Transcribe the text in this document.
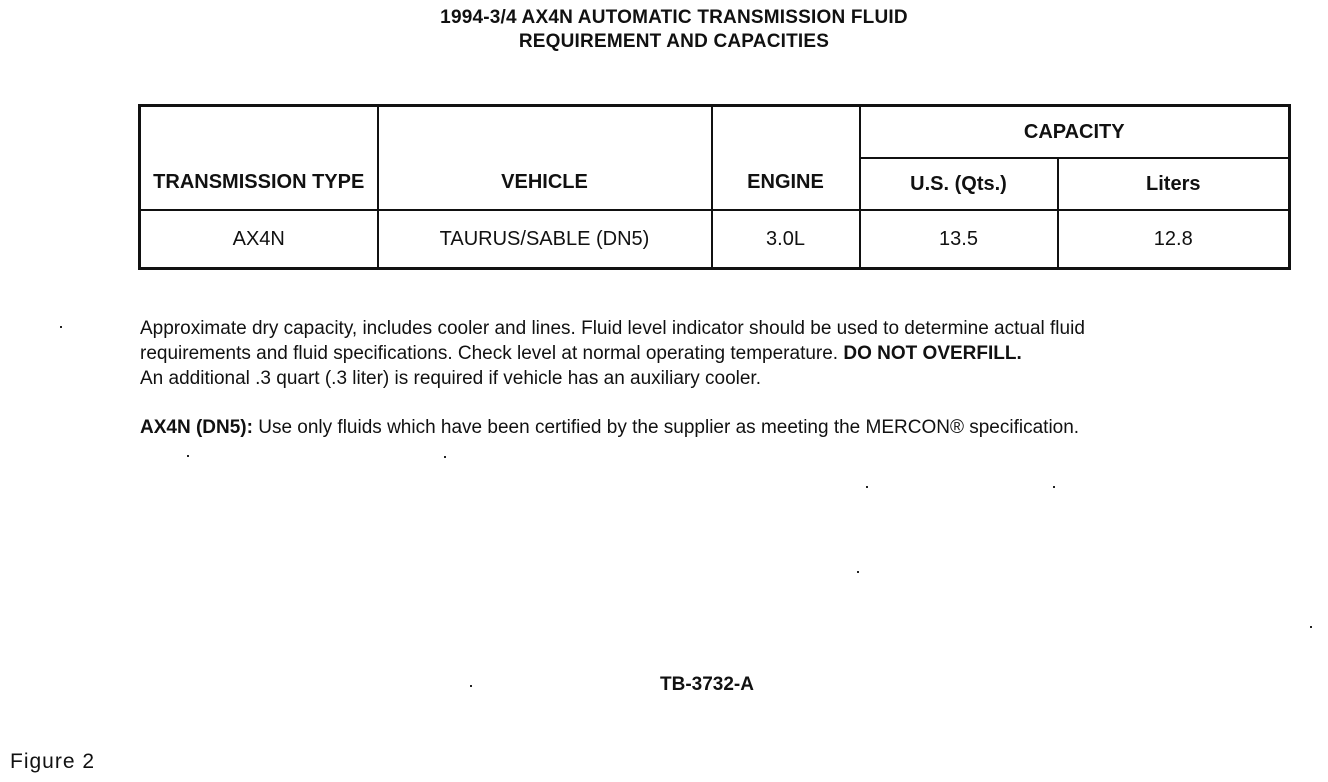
1994-3/4 AX4N AUTOMATIC TRANSMISSION FLUID
REQUIREMENT AND CAPACITIES
TRANSMISSION TYPE	VEHICLE	ENGINE	CAPACITY	
			U.S. (Qts.)	Liters
AX4N	TAURUS/SABLE (DN5)	3.0L	13.5	12.8

Approximate dry capacity, includes cooler and lines. Fluid level indicator should be used to determine actual fluid

requirements and fluid specifications. Check level at normal operating temperature. DO NOT OVERFILL.

An additional .3 quart (.3 liter) is required if vehicle has an auxiliary cooler.

AX4N (DN5): Use only fluids which have been certified by the supplier as meeting the MERCON® specification.

TB-3732-A
Figure 2
